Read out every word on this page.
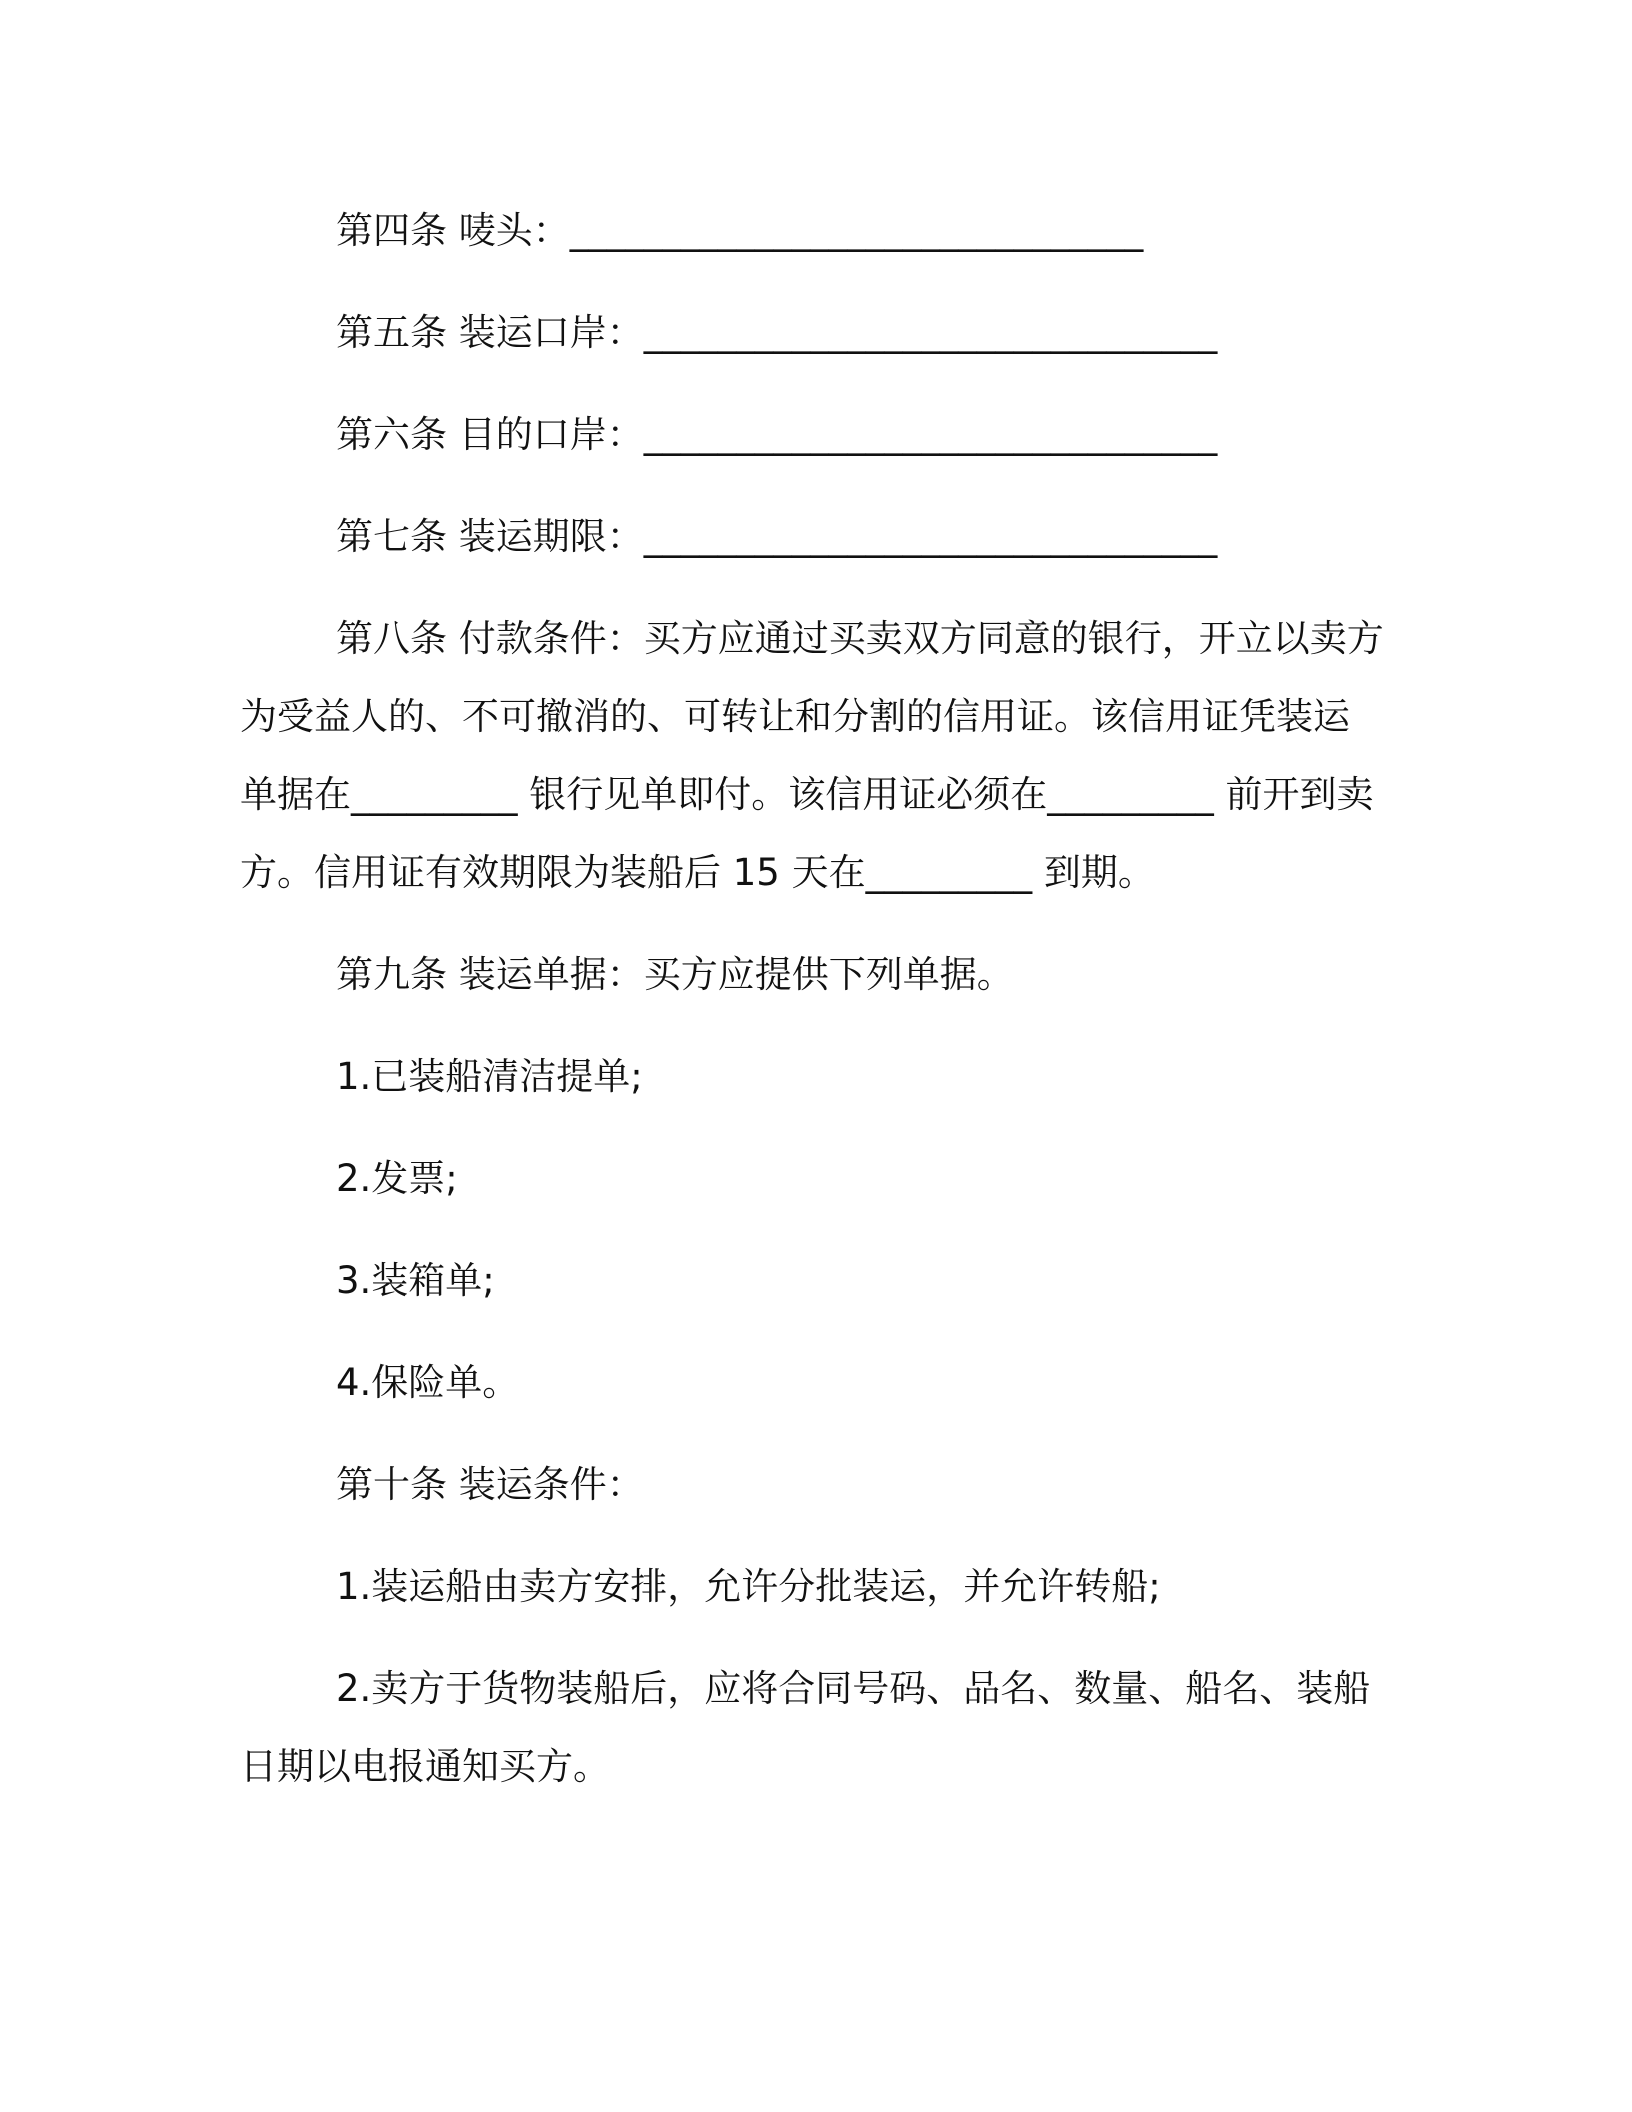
第四条 唛头：_______________________________
第五条 装运口岸：_______________________________
第六条 目的口岸：_______________________________
第七条 装运期限：_______________________________
第八条 付款条件：买方应通过买卖双方同意的银行，开立以卖方
为受益人的、不可撤消的、可转让和分割的信用证。该信用证凭装运
单据在_________ 银行见单即付。该信用证必须在_________ 前开到卖
方。信用证有效期限为装船后 15 天在_________ 到期。
第九条 装运单据：买方应提供下列单据。
1.已装船清洁提单;
2.发票;
3.装箱单;
4.保险单。
第十条 装运条件：
1.装运船由卖方安排，允许分批装运，并允许转船;
2.卖方于货物装船后，应将合同号码、品名、数量、船名、装船
日期以电报通知买方。
